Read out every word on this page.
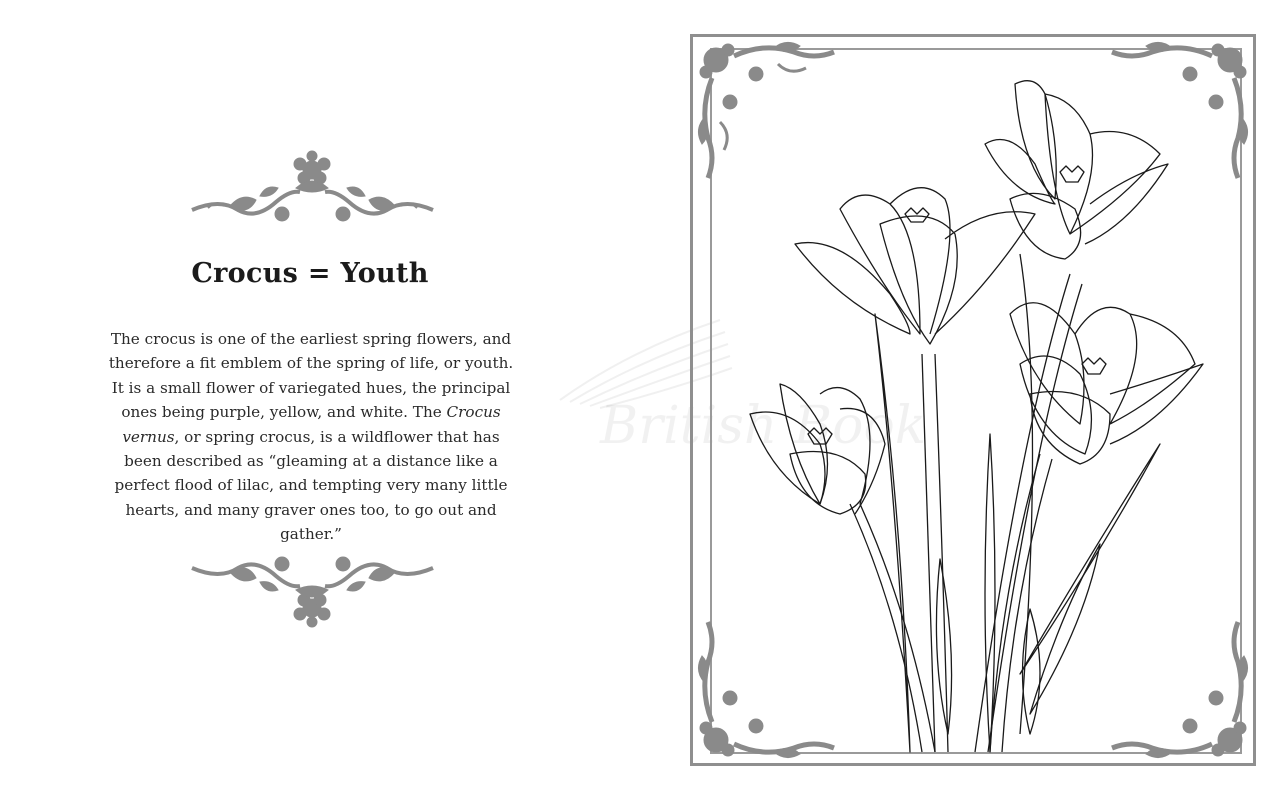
Crocus = Youth
The crocus is one of the earliest spring flowers, and therefore a fit emblem of the spring of life, or youth. It is a small flower of variegated hues, the principal ones being purple, yellow, and white. The Crocus vernus, or spring crocus, is a wildflower that has been described as “gleaming at a distance like a perfect flood of lilac, and tempting very many little hearts, and many graver ones too, to go out and gather.”
British Book
